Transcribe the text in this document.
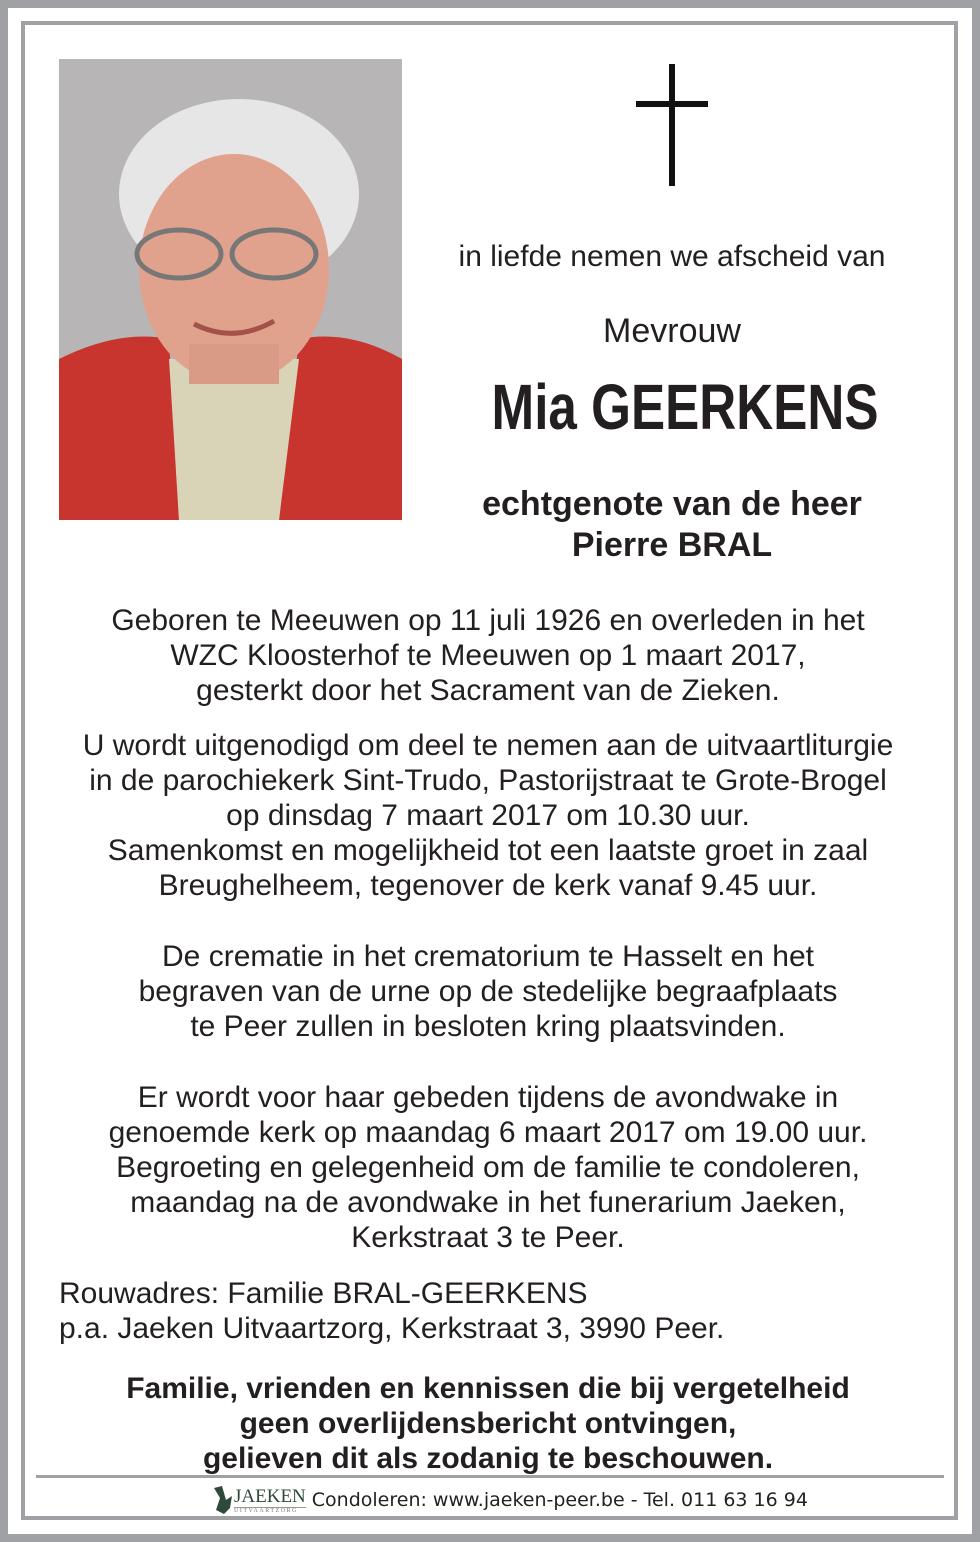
in liefde nemen we afscheid van
Mevrouw
Mia GEERKENS
echtgenote van de heer
Pierre BRAL
Geboren te Meeuwen op 11 juli 1926 en overleden in het
WZC Kloosterhof te Meeuwen op 1 maart 2017,
gesterkt door het Sacrament van de Zieken.
U wordt uitgenodigd om deel te nemen aan de uitvaartliturgie
in de parochiekerk Sint-Trudo, Pastorijstraat te Grote-Brogel
op dinsdag 7 maart 2017 om 10.30 uur.
Samenkomst en mogelijkheid tot een laatste groet in zaal
Breughelheem, tegenover de kerk vanaf 9.45 uur.
De crematie in het crematorium te Hasselt en het
begraven van de urne op de stedelijke begraafplaats
te Peer zullen in besloten kring plaatsvinden.
Er wordt voor haar gebeden tijdens de avondwake in
genoemde kerk op maandag 6 maart 2017 om 19.00 uur.
Begroeting en gelegenheid om de familie te condoleren,
maandag na de avondwake in het funerarium Jaeken,
Kerkstraat 3 te Peer.
Rouwadres: Familie BRAL-GEERKENS
p.a. Jaeken Uitvaartzorg, Kerkstraat 3, 3990 Peer.
Familie, vrienden en kennissen die bij vergetelheid
geen overlijdensbericht ontvingen,
gelieven dit als zodanig te beschouwen.
JAEKEN
UITVAARTZORG Condoleren: www.jaeken-peer.be - Tel. 011 63 16 94
